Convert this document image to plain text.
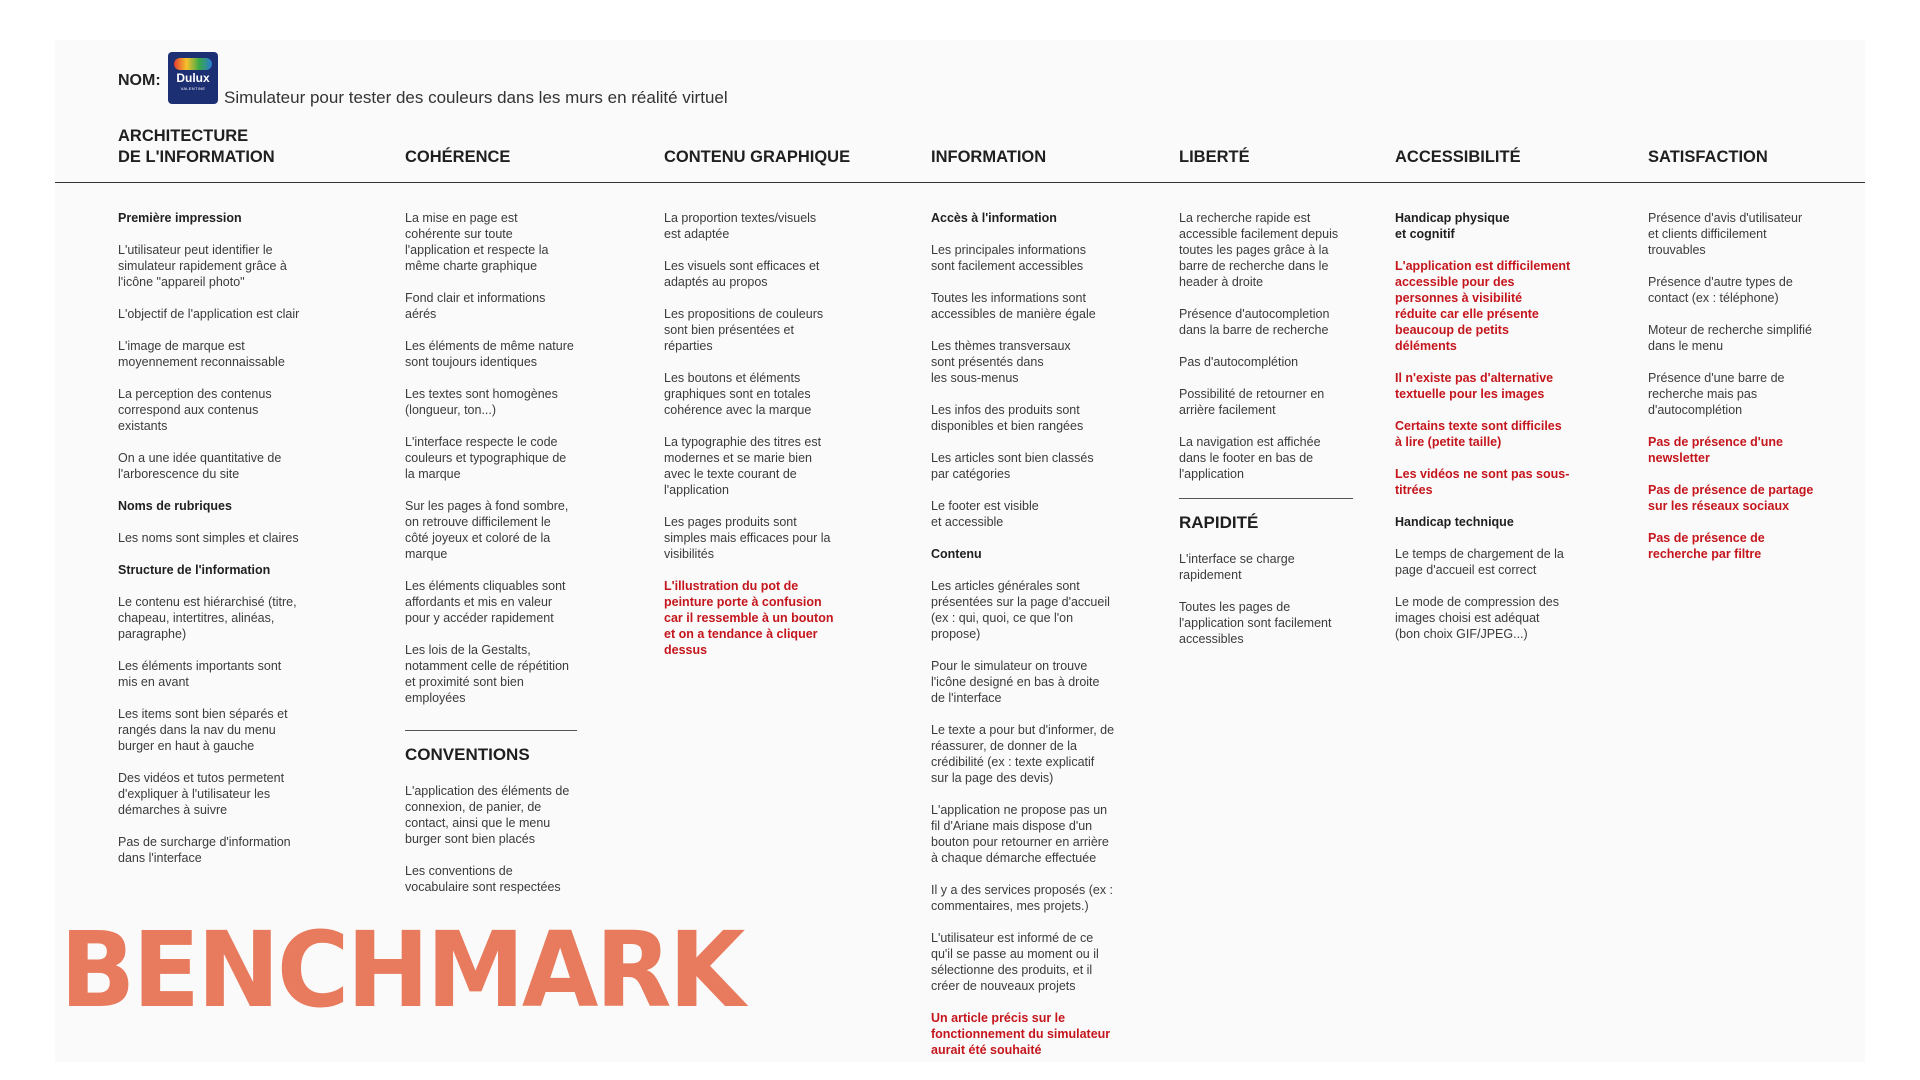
NOM:	Dulux
VALENTINE	Simulateur pour tester des couleurs dans les murs en réalité virtuel
ARCHITECTURE
DE L'INFORMATION
Première impression
L'utilisateur peut identifier le
simulateur rapidement grâce à
l'icône "appareil photo"
L'objectif de l'application est clair
L'image de marque est
moyennement reconnaissable
La perception des contenus
correspond aux contenus
existants
On a une idée quantitative de
l'arborescence du site
Noms de rubriques
Les noms sont simples et claires
Structure de l'information
Le contenu est hiérarchisé (titre,
chapeau, intertitres, alinéas,
paragraphe)
Les éléments importants sont
mis en avant
Les items sont bien séparés et
rangés dans la nav du menu
burger en haut à gauche
Des vidéos et tutos permetent
d'expliquer à l'utilisateur les
démarches à suivre
Pas de surcharge d'information
dans l'interface
COHÉRENCE
La mise en page est
cohérente sur toute
l'application et respecte la
même charte graphique
Fond clair et informations
aérés
Les éléments de même nature
sont toujours identiques
Les textes sont homogènes
(longueur, ton...)
L'interface respecte le code
couleurs et typographique de
la marque
Sur les pages à fond sombre,
on retrouve difficilement le
côté joyeux et coloré de la
marque
Les éléments cliquables sont
affordants et mis en valeur
pour y accéder rapidement
Les lois de la Gestalts,
notamment celle de répétition
et proximité sont bien
employées
CONVENTIONS
L'application des éléments de
connexion, de panier, de
contact, ainsi que le menu
burger sont bien placés
Les conventions de
vocabulaire sont respectées
CONTENU GRAPHIQUE
La proportion textes/visuels
est adaptée
Les visuels sont efficaces et
adaptés au propos
Les propositions de couleurs
sont bien présentées et
réparties
Les boutons et éléments
graphiques sont en totales
cohérence avec la marque
La typographie des titres est
modernes et se marie bien
avec le texte courant de
l'application
Les pages produits sont
simples mais efficaces pour la
visibilités
L'illustration du pot de
peinture porte à confusion
car il ressemble à un bouton
et on a tendance à cliquer
dessus
INFORMATION
Accès à l'information
Les principales informations
sont facilement accessibles
Toutes les informations sont
accessibles de manière égale
Les thèmes transversaux
sont présentés dans
les sous-menus
Les infos des produits sont
disponibles et bien rangées
Les articles sont bien classés
par catégories
Le footer est visible
et accessible
Contenu
Les articles générales sont
présentées sur la page d'accueil
(ex : qui, quoi, ce que l'on
propose)
Pour le simulateur on trouve
l'icône designé en bas à droite
de l'interface
Le texte a pour but d'informer, de
réassurer, de donner de la
crédibilité (ex : texte explicatif
sur la page des devis)
L'application ne propose pas un
fil d'Ariane mais dispose d'un
bouton pour retourner en arrière
à chaque démarche effectuée
Il y a des services proposés (ex :
commentaires, mes projets.)
L'utilisateur est informé de ce
qu'il se passe au moment ou il
sélectionne des produits, et il
créer de nouveaux projets
Un article précis sur le
fonctionnement du simulateur
aurait été souhaité
LIBERTÉ
La recherche rapide est
accessible facilement depuis
toutes les pages grâce à la
barre de recherche dans le
header à droite
Présence d'autocompletion
dans la barre de recherche
Pas d'autocomplétion
Possibilité de retourner en
arrière facilement
La navigation est affichée
dans le footer en bas de
l'application
RAPIDITÉ
L'interface se charge
rapidement
Toutes les pages de
l'application sont facilement
accessibles
ACCESSIBILITÉ
Handicap physique
et cognitif
L'application est difficilement
accessible pour des
personnes à visibilité
réduite car elle présente
beaucoup de petits
déléments
Il n'existe pas d'alternative
textuelle pour les images
Certains texte sont difficiles
à lire (petite taille)
Les vidéos ne sont pas sous-
titrées
Handicap technique
Le temps de chargement de la
page d'accueil est correct
Le mode de compression des
images choisi est adéquat
(bon choix GIF/JPEG...)
SATISFACTION
Présence d'avis d'utilisateur
et clients difficilement
trouvables
Présence d'autre types de
contact (ex : téléphone)
Moteur de recherche simplifié
dans le menu
Présence d'une barre de
recherche mais pas
d'autocomplétion
Pas de présence d'une
newsletter
Pas de présence de partage
sur les réseaux sociaux
Pas de présence de
recherche par filtre
BENCHMARK
